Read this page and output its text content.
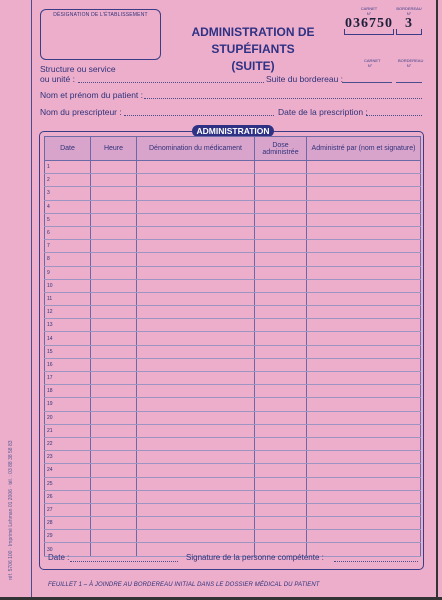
réf. 5706 100 · Imprimé Lehman 01 2006 · tél. : 03 88 38 58 83
DÉSIGNATION DE L'ÉTABLISSEMENT
ADMINISTRATION DE STUPÉFIANTS
(SUITE)
CARNET
N°
036750
BORDEREAU
N°
3
Structure ou service
ou unité :	Suite du bordereau :
CARNET
N°
BORDEREAU
N°
Nom et prénom du patient :
Nom du prescripteur :	Date de la prescription :
ADMINISTRATION
Date	Heure	Dénomination du médicament	Dose administrée	Administré par (nom et signature)
1				
2				
3				
4				
5				
6				
7				
8				
9				
10				
11				
12				
13				
14				
15				
16				
17				
18				
19				
20				
21				
22				
23				
24				
25				
26				
27				
28				
29				
30				
Date :	Signature de la personne compétente :
FEUILLET 1 – À JOINDRE AU BORDEREAU INITIAL DANS LE DOSSIER MÉDICAL DU PATIENT
